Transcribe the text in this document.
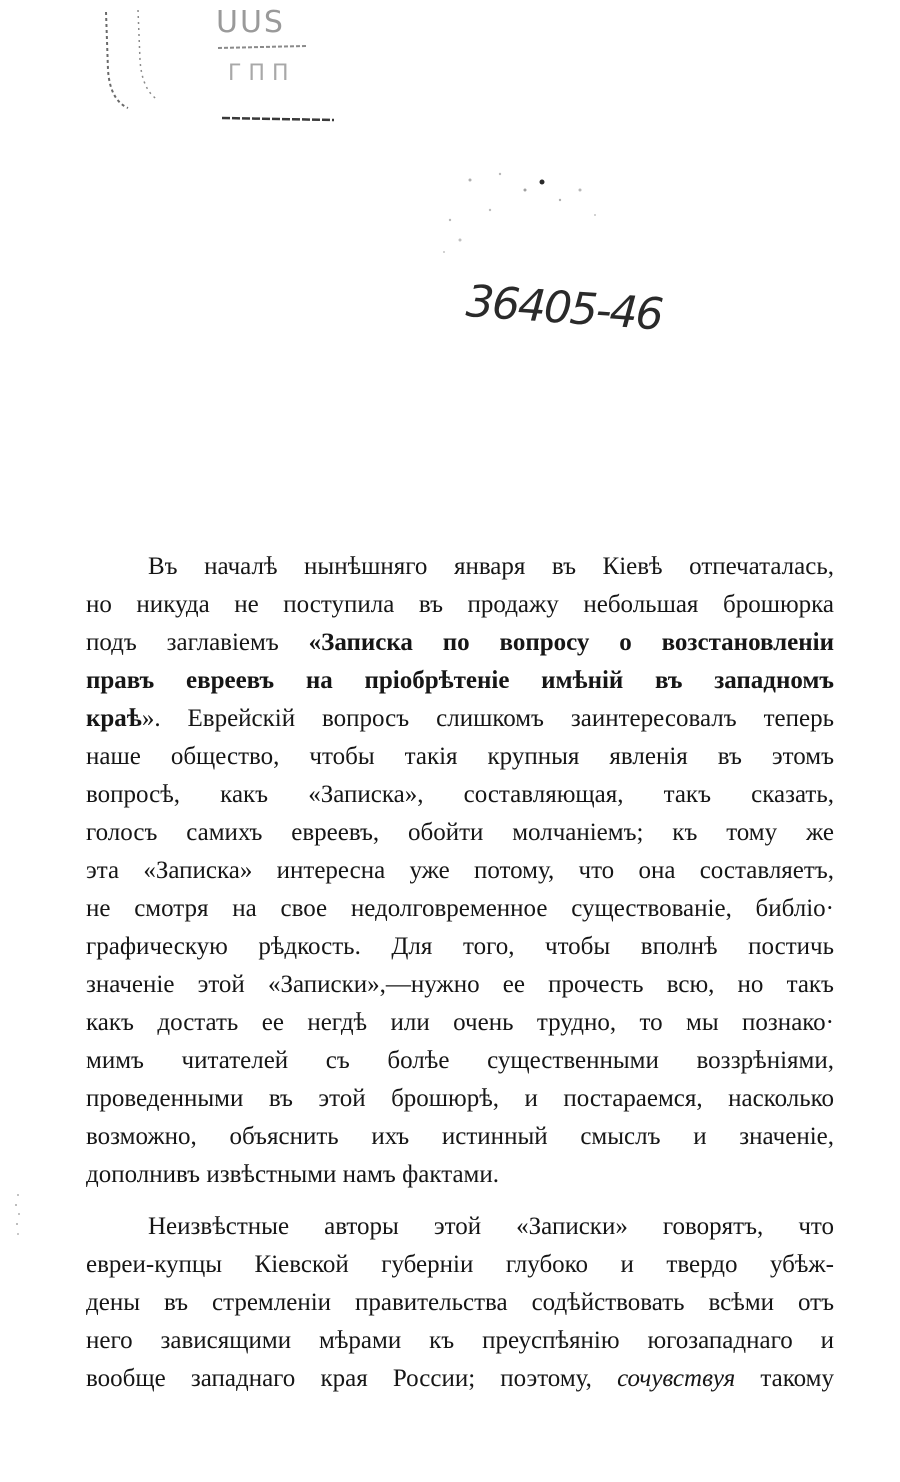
UUS
Г П П
36405-46
Въ началѣ нынѣшняго января въ Кіевѣ отпечаталась,
но никуда не поступила въ продажу небольшая брошюрка
подъ заглавіемъ «Записка по вопросу о возстановленіи
правъ евреевъ на пріобрѣтеніе имѣній въ западномъ
краѣ». Еврейскій вопросъ слишкомъ заинтересовалъ теперь
наше общество, чтобы такія крупныя явленія въ этомъ
вопросѣ, какъ «Записка», составляющая, такъ сказать,
голосъ самихъ евреевъ, обойти молчаніемъ; къ тому же
эта «Записка» интересна уже потому, что она составляетъ,
не смотря на свое недолговременное существованіе, библіо·
графическую рѣдкость. Для того, чтобы вполнѣ постичь
значеніе этой «Записки»,—нужно ее прочесть всю, но такъ
какъ достать ее негдѣ или очень трудно, то мы познако·
мимъ читателей съ болѣе существенными воззрѣніями,
проведенными въ этой брошюрѣ, и постараемся, насколько
возможно, объяснить ихъ истинный смыслъ и значеніе,
дополнивъ извѣстными намъ фактами.
Неизвѣстные авторы этой «Записки» говорятъ, что
евреи-купцы Кіевской губерніи глубоко и твердо убѣж-
дены въ стремленіи правительства содѣйствовать всѣми отъ
него зависящими мѣрами къ преуспѣянію югозападнаго и
вообще западнаго края России; поэтому, сочувствуя такому
